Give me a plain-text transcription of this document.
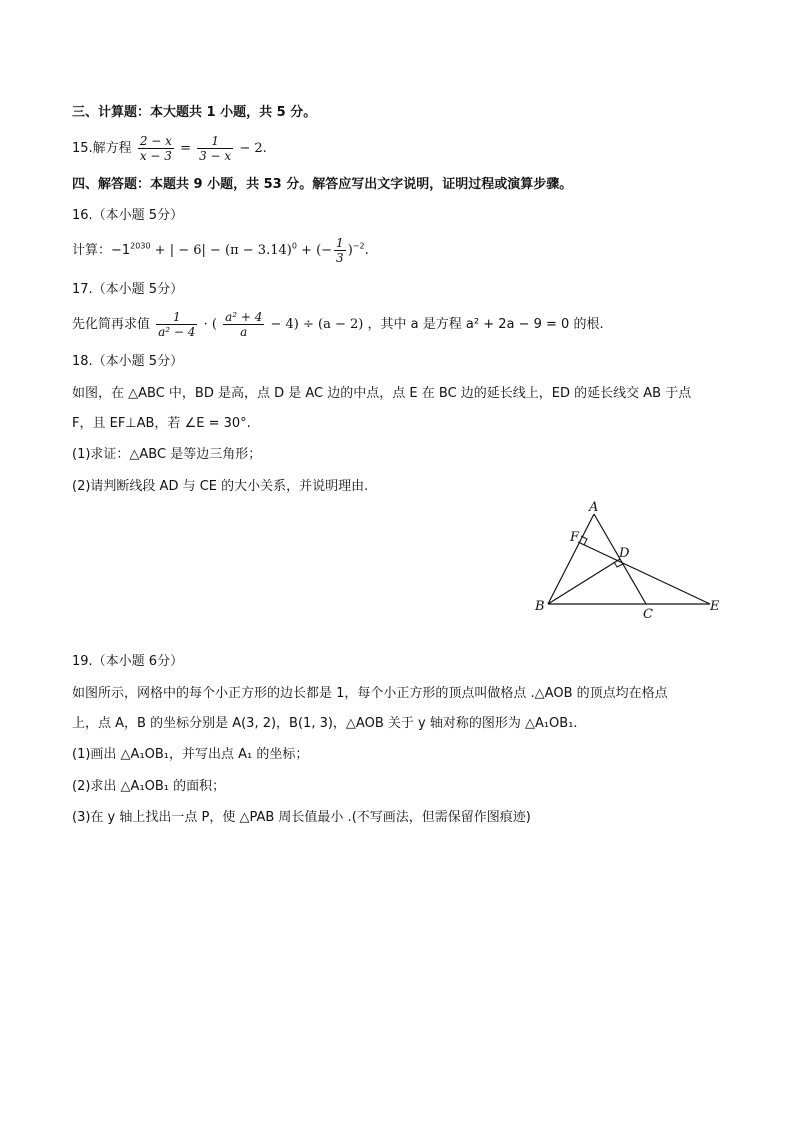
三、计算题：本大题共 1 小题，共 5 分。
15.解方程 $\frac{2 - x}{x - 3} = \frac{1}{3 - x} - 2$.
四、解答题：本题共 9 小题，共 53 分。解答应写出文字说明，证明过程或演算步骤。
16.（本小题 5分）
计算：$-1^{2030}$ + | − $6| - (\pi - 3.14)^0$ + (− $\frac{1}{3} )^{-2}$.
17.（本小题 5分）
先化简再求值 $\frac{1}{\text{a² − 4}}$ · ( $\frac{\text{a² + 4}}{a} - 4) \div (a - 2)$ ，其中 a 是方程 a² + 2a − 9 = 0 的根.
18.（本小题 5分）
如图，在 △ABC 中，BD 是高，点 D 是 AC 边的中点，点 E 在 BC 边的延长线上，ED 的延长线交 AB 于点
F，且 EF⊥AB，若 ∠E = 30°.
(1)求证：△ABC 是等边三角形；
(2)请判断线段 AD 与 CE 的大小关系，并说明理由.
A
F
D
B
C
E
19.（本小题 6分）
如图所示，网格中的每个小正方形的边长都是 1，每个小正方形的顶点叫做格点 .△AOB 的顶点均在格点
上，点 A，B 的坐标分别是 A(3, 2)，B(1, 3)，△AOB 关于 y 轴对称的图形为 △A₁OB₁.
(1)画出 △A₁OB₁，并写出点 A₁ 的坐标；
(2)求出 △A₁OB₁ 的面积；
(3)在 y 轴上找出一点 P，使 △PAB 周长值最小 .(不写画法，但需保留作图痕迹)
